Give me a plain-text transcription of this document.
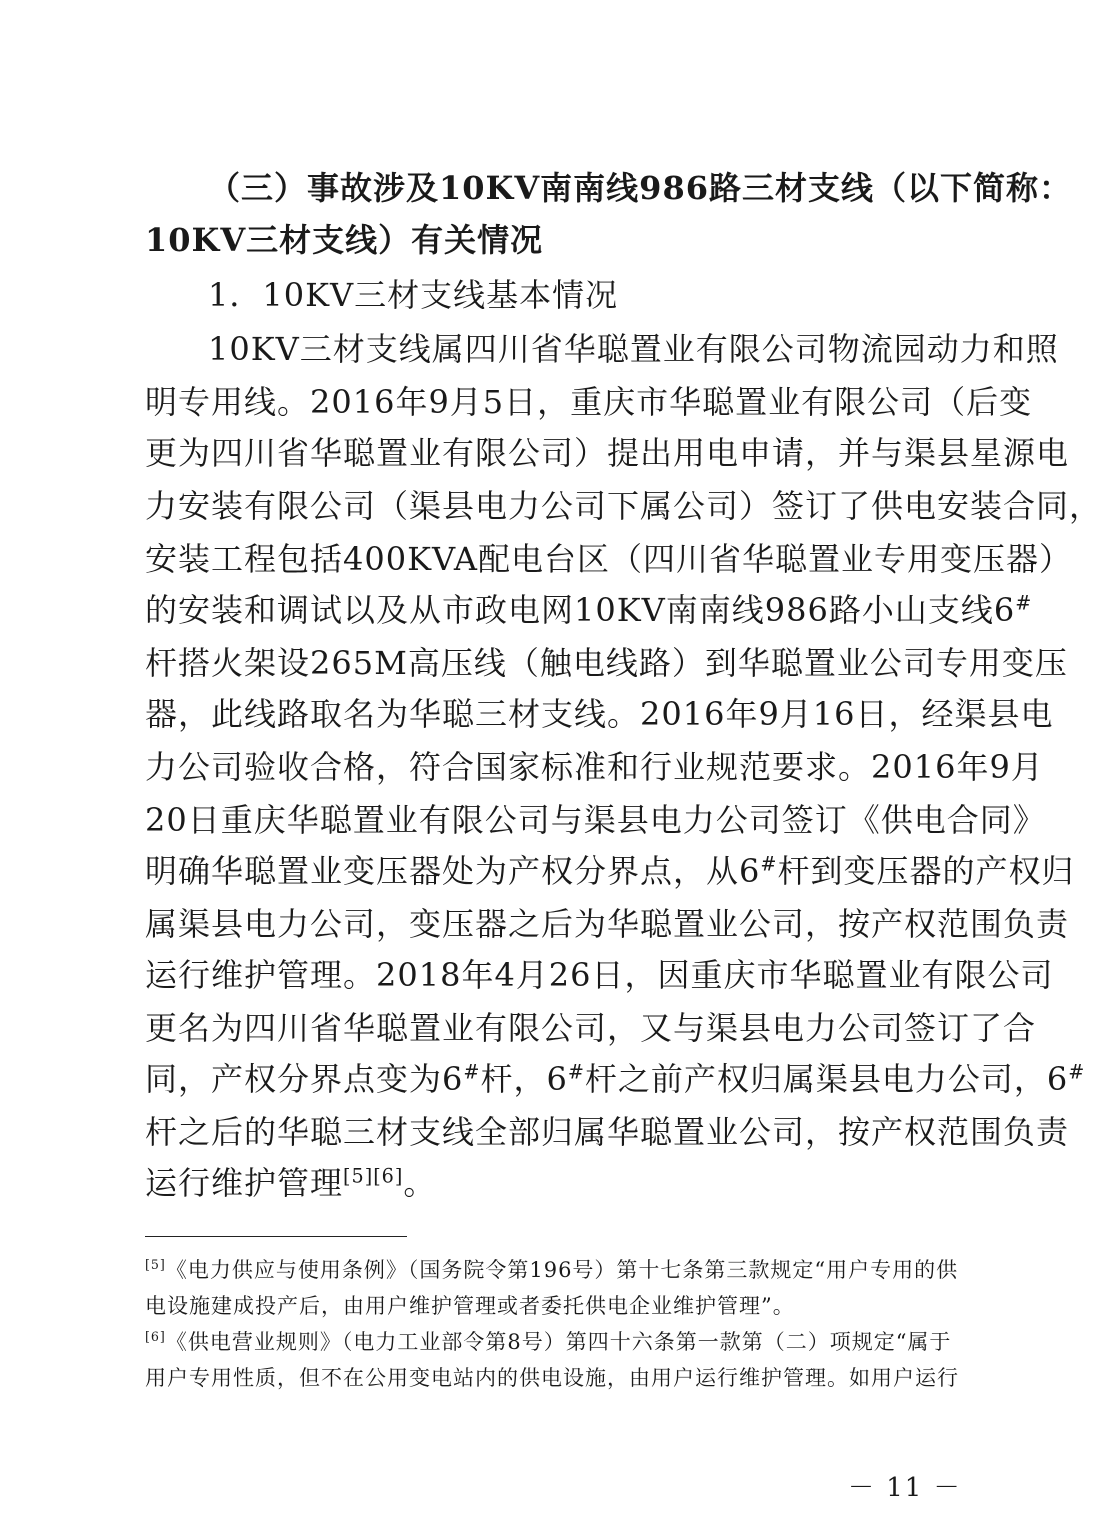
（三）事故涉及10KV南南线986路三材支线（以下简称：
10KV三材支线）有关情况
1．10KV三材支线基本情况
10KV三材支线属四川省华聪置业有限公司物流园动力和照
明专用线。2016年9月5日，重庆市华聪置业有限公司（后变
更为四川省华聪置业有限公司）提出用电申请，并与渠县星源电
力安装有限公司（渠县电力公司下属公司）签订了供电安装合同，
安装工程包括400KVA配电台区（四川省华聪置业专用变压器）
的安装和调试以及从市政电网10KV南南线986路小山支线6#
杆搭火架设265M高压线（触电线路）到华聪置业公司专用变压
器，此线路取名为华聪三材支线。2016年9月16日，经渠县电
力公司验收合格，符合国家标准和行业规范要求。2016年9月
20日重庆华聪置业有限公司与渠县电力公司签订《供电合同》
明确华聪置业变压器处为产权分界点，从6#杆到变压器的产权归
属渠县电力公司，变压器之后为华聪置业公司，按产权范围负责
运行维护管理。2018年4月26日，因重庆市华聪置业有限公司
更名为四川省华聪置业有限公司，又与渠县电力公司签订了合
同，产权分界点变为6#杆，6#杆之前产权归属渠县电力公司，6#
杆之后的华聪三材支线全部归属华聪置业公司，按产权范围负责
运行维护管理[5][6]。
[5]《电力供应与使用条例》（国务院令第196号）第十七条第三款规定“用户专用的供
电设施建成投产后，由用户维护管理或者委托供电企业维护管理”。
[6]《供电营业规则》（电力工业部令第8号）第四十六条第一款第（二）项规定“属于
用户专用性质，但不在公用变电站内的供电设施，由用户运行维护管理。如用户运行
－ 11 －
